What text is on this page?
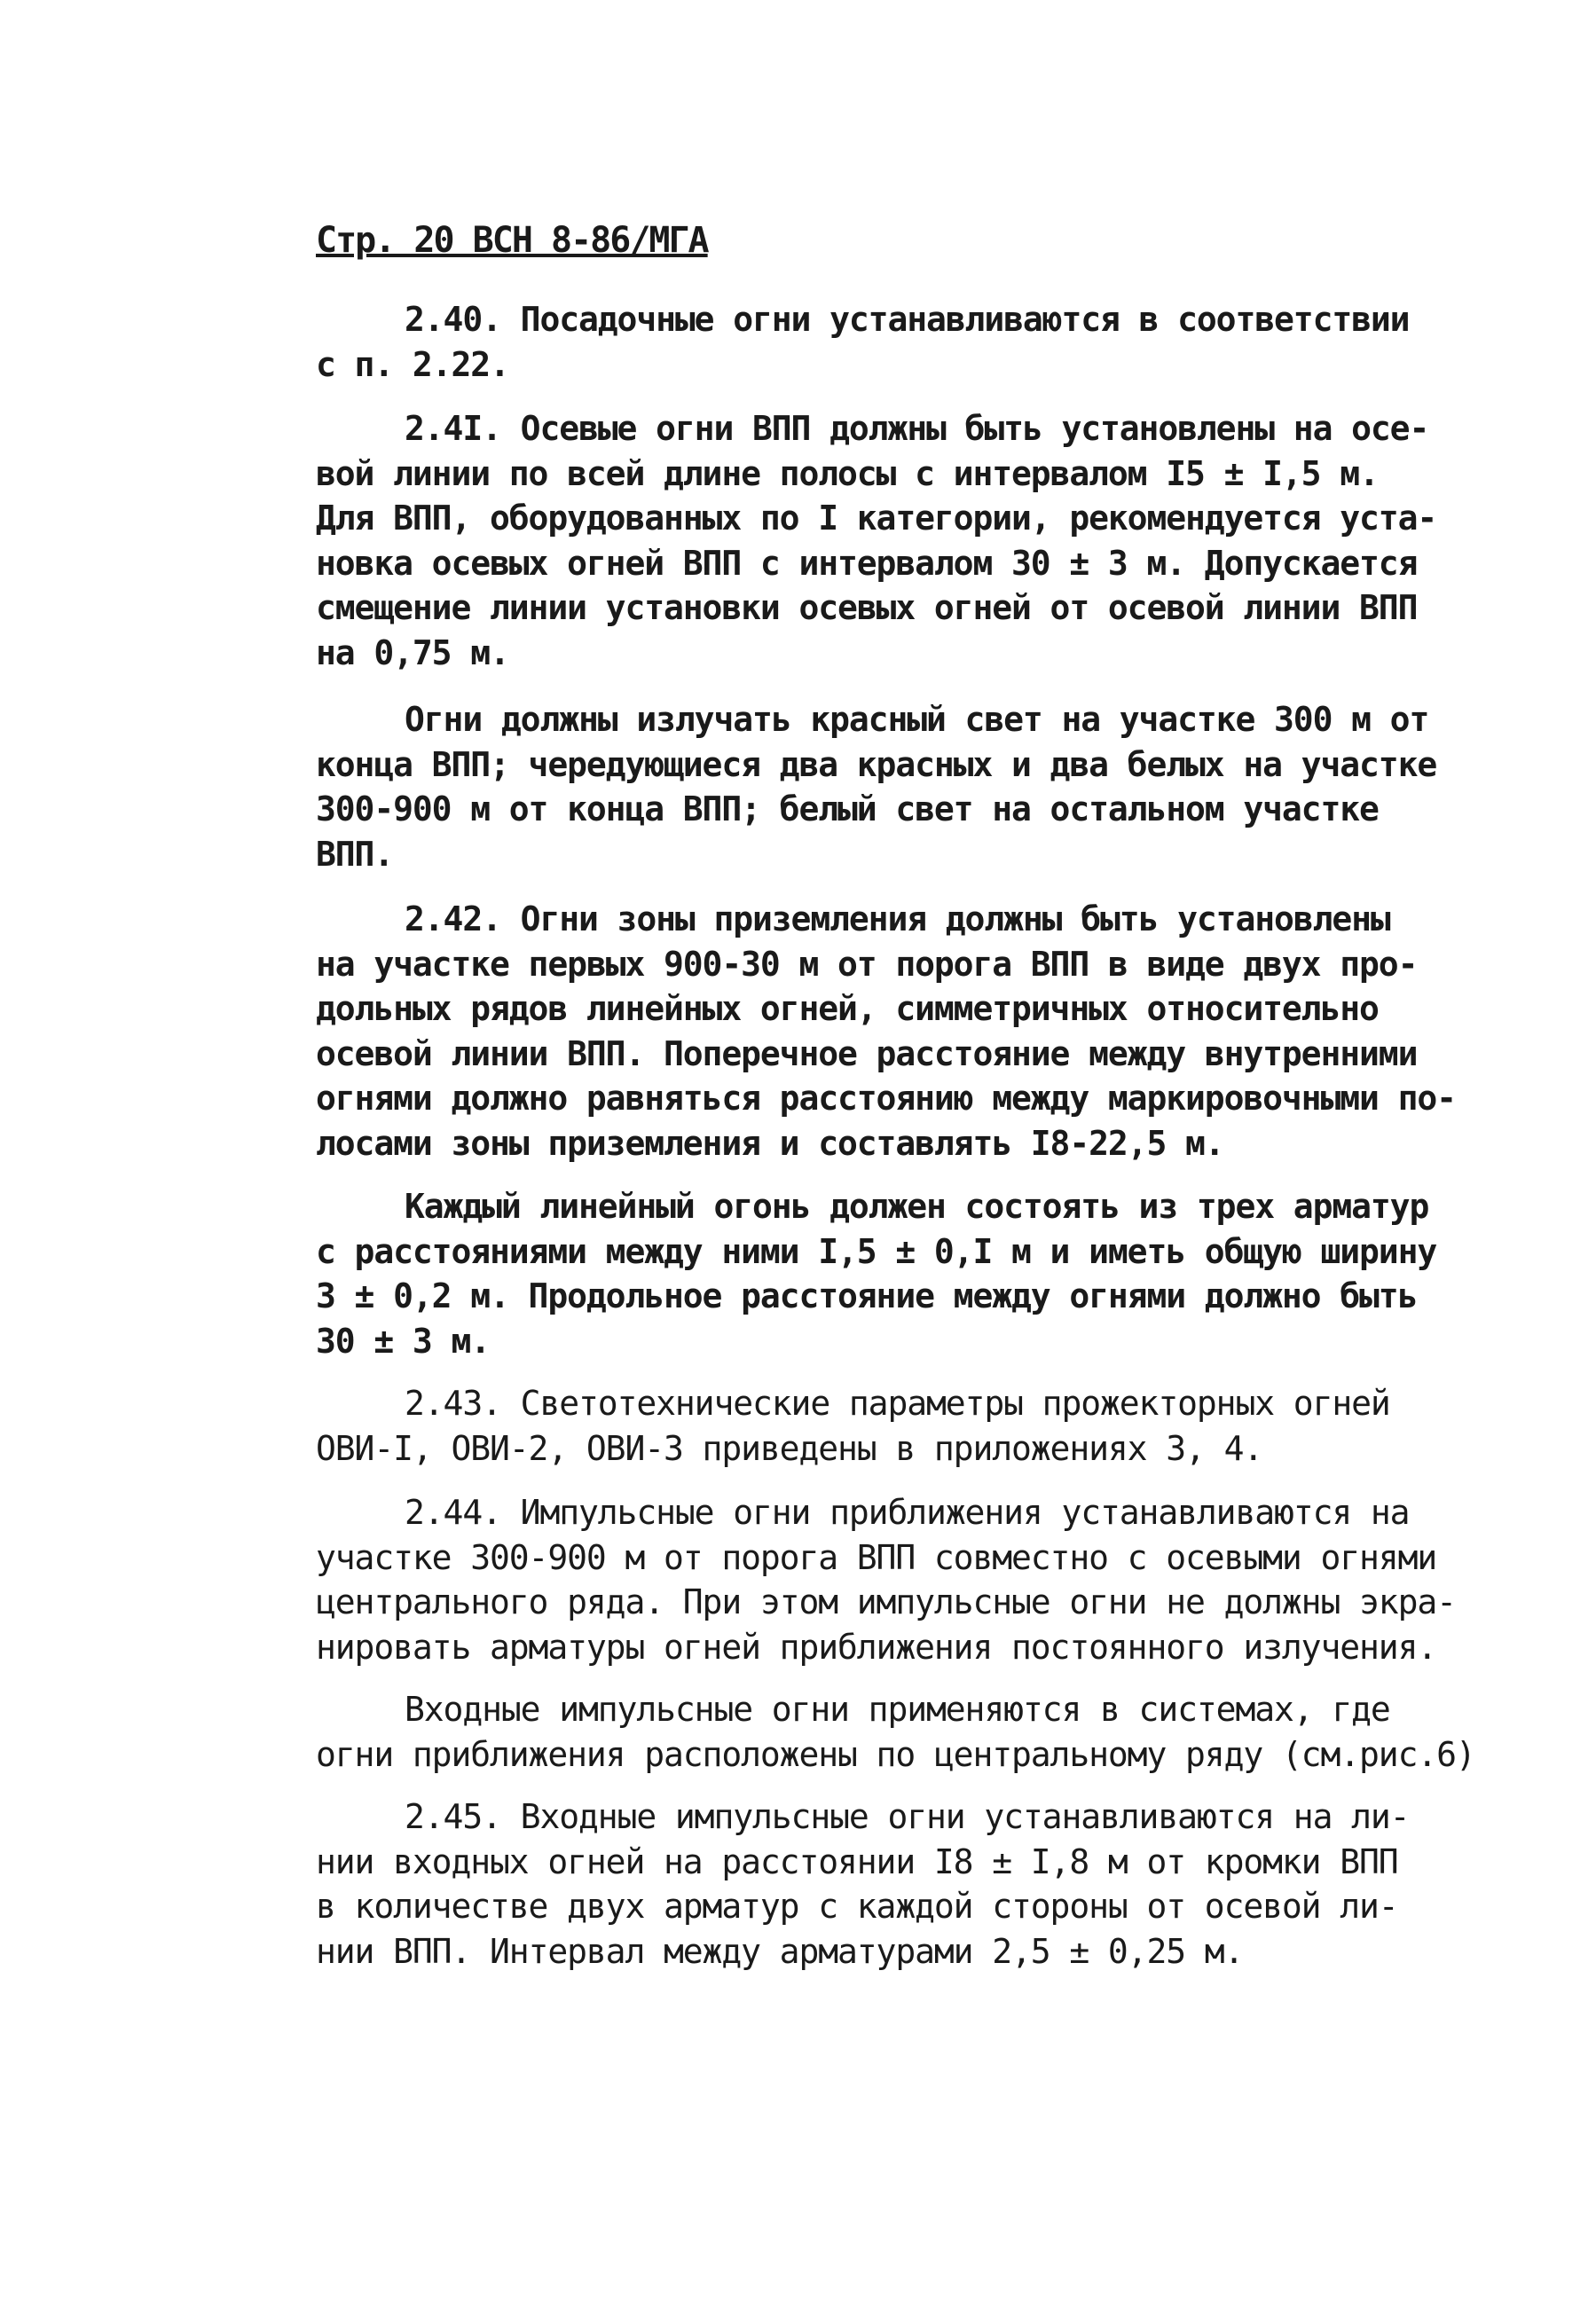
Стр. 20 ВСН 8-86/МГА
2.40. Посадочные огни устанавливаются в соответствии
с п. 2.22.
2.4I. Осевые огни ВПП должны быть установлены на осе-
вой линии по всей длине полосы с интервалом I5 ± I,5 м.
Для ВПП, оборудованных по I категории, рекомендуется уста-
новка осевых огней ВПП с интервалом 30 ± 3 м. Допускается
смещение линии установки осевых огней от осевой линии ВПП
на 0,75 м.
Огни должны излучать красный свет на участке 300 м от
конца ВПП; чередующиеся два красных и два белых на участке
300-900 м от конца ВПП; белый свет на остальном участке
ВПП.
2.42. Огни зоны приземления должны быть установлены
на участке первых 900-30 м от порога ВПП в виде двух про-
дольных рядов линейных огней, симметричных относительно
осевой линии ВПП. Поперечное расстояние между внутренними
огнями должно равняться расстоянию между маркировочными по-
лосами зоны приземления и составлять I8-22,5 м.
Каждый линейный огонь должен состоять из трех арматур
с расстояниями между ними I,5 ± 0,I м и иметь общую ширину
3 ± 0,2 м. Продольное расстояние между огнями должно быть
30 ± 3 м.
2.43. Светотехнические параметры прожекторных огней
ОВИ-I, ОВИ-2, ОВИ-3 приведены в приложениях 3, 4.
2.44. Импульсные огни приближения устанавливаются на
участке 300-900 м от порога ВПП совместно с осевыми огнями
центрального ряда. При этом импульсные огни не должны экра-
нировать арматуры огней приближения постоянного излучения.
Входные импульсные огни применяются в системах, где
огни приближения расположены по центральному ряду (см.рис.6)
2.45. Входные импульсные огни устанавливаются на ли-
нии входных огней на расстоянии I8 ± I,8 м от кромки ВПП
в количестве двух арматур с каждой стороны от осевой ли-
нии ВПП. Интервал между арматурами 2,5 ± 0,25 м.
